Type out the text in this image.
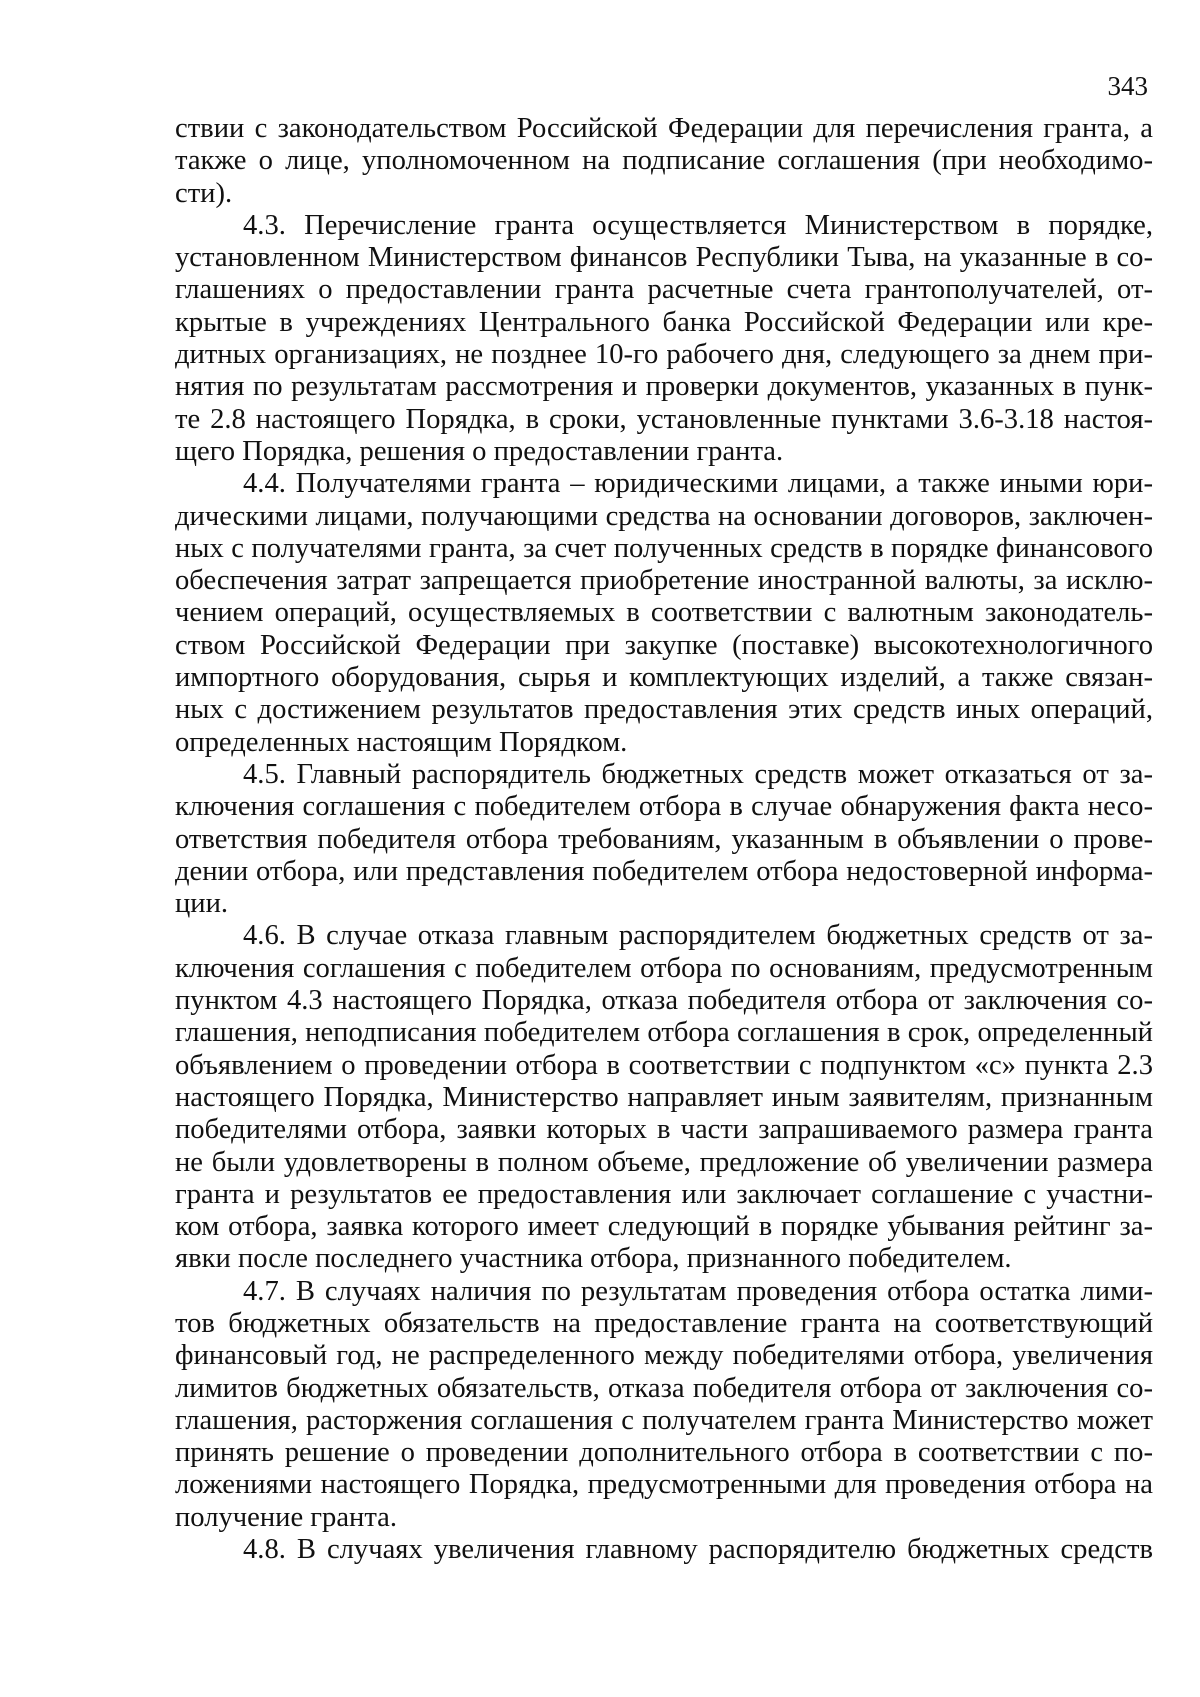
343
ствии с законодательством Российской Федерации для перечисления гранта, а
также о лице, уполномоченном на подписание соглашения (при необходимо-
сти).
4.3. Перечисление гранта осуществляется Министерством в порядке,
установленном Министерством финансов Республики Тыва, на указанные в со-
глашениях о предоставлении гранта расчетные счета грантополучателей, от-
крытые в учреждениях Центрального банка Российской Федерации или кре-
дитных организациях, не позднее 10-го рабочего дня, следующего за днем при-
нятия по результатам рассмотрения и проверки документов, указанных в пунк-
те 2.8 настоящего Порядка, в сроки, установленные пунктами 3.6-3.18 настоя-
щего Порядка, решения о предоставлении гранта.
4.4. Получателями гранта – юридическими лицами, а также иными юри-
дическими лицами, получающими средства на основании договоров, заключен-
ных с получателями гранта, за счет полученных средств в порядке финансового
обеспечения затрат запрещается приобретение иностранной валюты, за исклю-
чением операций, осуществляемых в соответствии с валютным законодатель-
ством Российской Федерации при закупке (поставке) высокотехнологичного
импортного оборудования, сырья и комплектующих изделий, а также связан-
ных с достижением результатов предоставления этих средств иных операций,
определенных настоящим Порядком.
4.5. Главный распорядитель бюджетных средств может отказаться от за-
ключения соглашения с победителем отбора в случае обнаружения факта несо-
ответствия победителя отбора требованиям, указанным в объявлении о прове-
дении отбора, или представления победителем отбора недостоверной информа-
ции.
4.6. В случае отказа главным распорядителем бюджетных средств от за-
ключения соглашения с победителем отбора по основаниям, предусмотренным
пунктом 4.3 настоящего Порядка, отказа победителя отбора от заключения со-
глашения, неподписания победителем отбора соглашения в срок, определенный
объявлением о проведении отбора в соответствии с подпунктом «с» пункта 2.3
настоящего Порядка, Министерство направляет иным заявителям, признанным
победителями отбора, заявки которых в части запрашиваемого размера гранта
не были удовлетворены в полном объеме, предложение об увеличении размера
гранта и результатов ее предоставления или заключает соглашение с участни-
ком отбора, заявка которого имеет следующий в порядке убывания рейтинг за-
явки после последнего участника отбора, признанного победителем.
4.7. В случаях наличия по результатам проведения отбора остатка лими-
тов бюджетных обязательств на предоставление гранта на соответствующий
финансовый год, не распределенного между победителями отбора, увеличения
лимитов бюджетных обязательств, отказа победителя отбора от заключения со-
глашения, расторжения соглашения с получателем гранта Министерство может
принять решение о проведении дополнительного отбора в соответствии с по-
ложениями настоящего Порядка, предусмотренными для проведения отбора на
получение гранта.
4.8. В случаях увеличения главному распорядителю бюджетных средств
